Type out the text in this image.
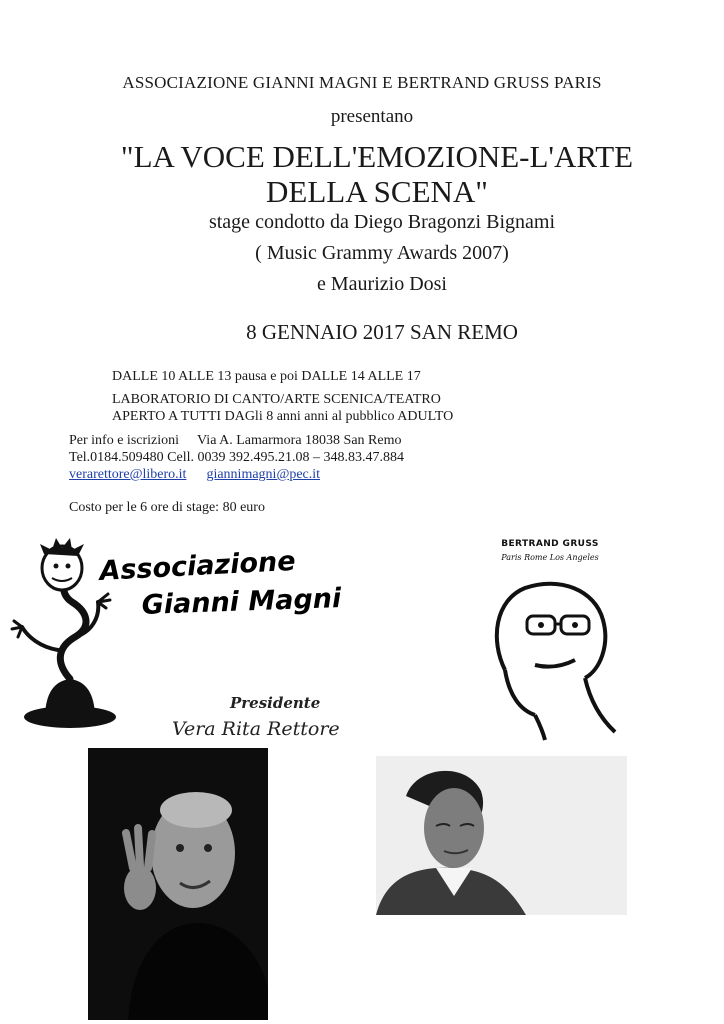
ASSOCIAZIONE GIANNI MAGNI E BERTRAND GRUSS PARIS
presentano
"LA VOCE DELL'EMOZIONE-L'ARTE
DELLA SCENA"
stage condotto da Diego Bragonzi Bignami
( Music Grammy Awards 2007)
e Maurizio Dosi
8 GENNAIO 2017 SAN REMO
DALLE 10 ALLE 13 pausa e poi DALLE 14 ALLE 17
LABORATORIO DI CANTO/ARTE SCENICA/TEATRO
APERTO A TUTTI DAGli 8 anni anni al pubblico ADULTO
Per info e iscrizioni Via A. Lamarmora 18038 San Remo
Tel.0184.509480 Cell. 0039 392.495.21.08 – 348.83.47.884
verarettore@libero.it giannimagni@pec.it
Costo per le 6 ore di stage: 80 euro
Associazione
Gianni Magni
Presidente
Vera Rita Rettore
BERTRAND GRUSS
Paris Rome Los Angeles
